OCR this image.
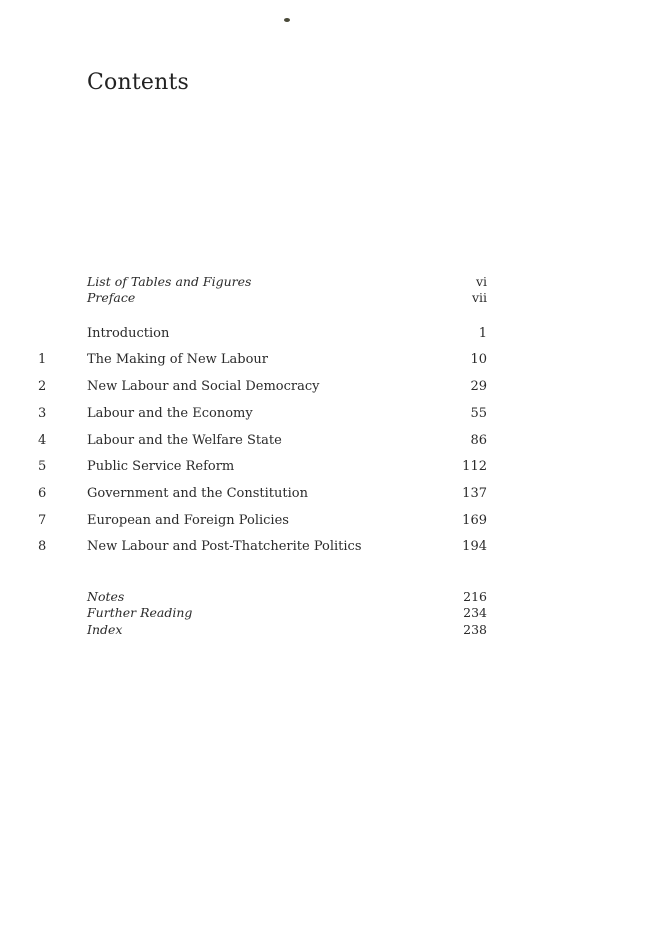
Contents
List of Tables and Figures	vi
Preface	vii
Introduction	1
1	The Making of New Labour	10
2	New Labour and Social Democracy	29
3	Labour and the Economy	55
4	Labour and the Welfare State	86
5	Public Service Reform	112
6	Government and the Constitution	137
7	European and Foreign Policies	169
8	New Labour and Post-Thatcherite Politics	194
Notes	216
Further Reading	234
Index	238
